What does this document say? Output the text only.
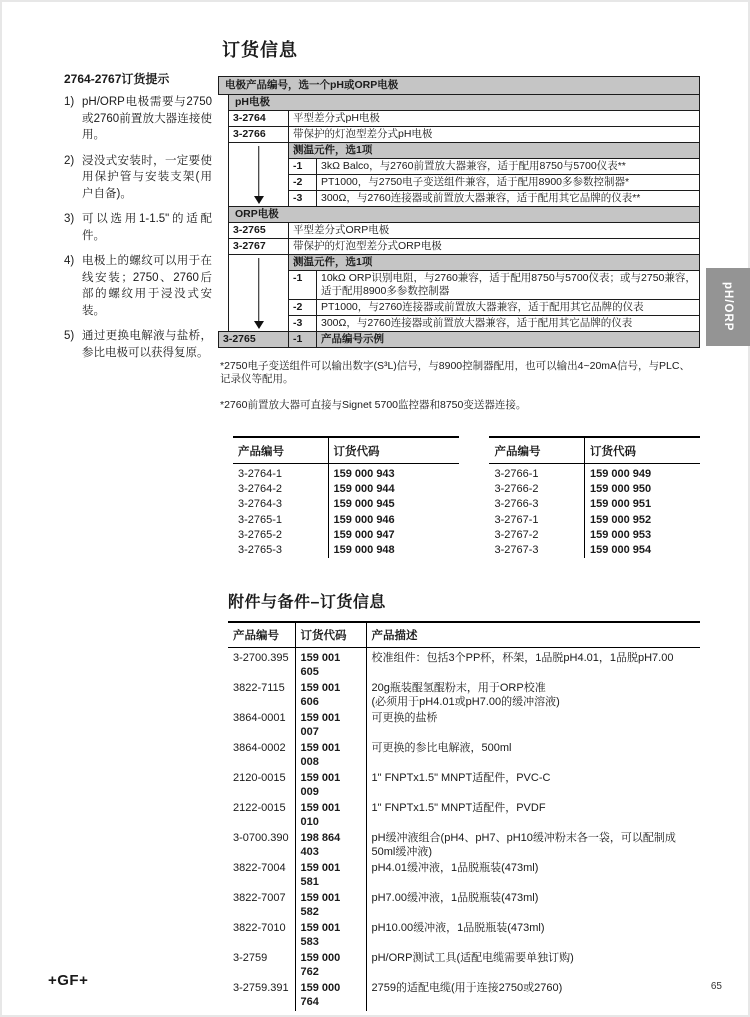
2764-2767订货提示
1) pH/ORP电极需要与2750或2760前置放大器连接使用。
2) 浸没式安装时，一定要使用保护管与安装支架(用户自备)。
3) 可以选用1-1.5"的适配件。
4) 电极上的螺纹可以用于在线安装；2750、2760后部的螺纹用于浸没式安装。
5) 通过更换电解液与盐桥，参比电极可以获得复原。
订货信息
电极产品编号，选一个pH或ORP电极
pH电极		
3-2764	平型差分式pH电极	
3-2766	带保护的灯泡型差分式pH电极	

	测温元件，选1项	
	-1	3kΩ Balco，与2760前置放大器兼容，适于配用8750与5700仪表**
	-2	PT1000，与2750电子变送组件兼容，适于配用8900多参数控制器*
	-3	300Ω，与2760连接器或前置放大器兼容，适于配用其它品牌的仪表**
ORP电极		
3-2765	平型差分式ORP电极	
3-2767	带保护的灯泡型差分式ORP电极	

	测温元件，选1项	
	-1	10kΩ ORP识别电阻，与2760兼容，适于配用8750与5700仪表；或与2750兼容，适于配用8900多参数控制器
	-2	PT1000，与2760连接器或前置放大器兼容，适于配用其它品牌的仪表
	-3	300Ω，与2760连接器或前置放大器兼容，适于配用其它品牌的仪表
3-2765	-1	产品编号示例
*2750电子变送组件可以输出数字(S³L)信号，与8900控制器配用，也可以输出4~20mA信号，与PLC、记录仪等配用。
*2760前置放大器可直接与Signet 5700监控器和8750变送器连接。
产品编号	订货代码
3-2764-1	159 000 943
3-2764-2	159 000 944
3-2764-3	159 000 945
3-2765-1	159 000 946
3-2765-2	159 000 947
3-2765-3	159 000 948
产品编号	订货代码
3-2766-1	159 000 949
3-2766-2	159 000 950
3-2766-3	159 000 951
3-2767-1	159 000 952
3-2767-2	159 000 953
3-2767-3	159 000 954
附件与备件–订货信息
产品编号	订货代码	产品描述
3-2700.395	159 001 605	校准组件：包括3个PP杯，杯架，1品脱pH4.01，1品脱pH7.00

3822-7115	159 001 606	20g瓶装醌氢醌粉末，用于ORP校准
(必须用于pH4.01或pH7.00的缓冲溶液)

3864-0001	159 001 007	可更换的盐桥

3864-0002	159 001 008	可更换的参比电解液，500ml

2120-0015	159 001 009	1" FNPTx1.5" MNPT适配件，PVC-C

2122-0015	159 001 010	1" FNPTx1.5" MNPT适配件，PVDF

3-0700.390	198 864 403	pH缓冲液组合(pH4、pH7、pH10缓冲粉末各一袋，可以配制成50ml缓冲液)

3822-7004	159 001 581	pH4.01缓冲液，1品脱瓶装(473ml)

3822-7007	159 001 582	pH7.00缓冲液，1品脱瓶装(473ml)

3822-7010	159 001 583	pH10.00缓冲液，1品脱瓶装(473ml)

3-2759	159 000 762	pH/ORP测试工具(适配电缆需要单独订购)

3-2759.391	159 000 764	2759的适配电缆(用于连接2750或2760)
pH/ORP
+GF+	65
